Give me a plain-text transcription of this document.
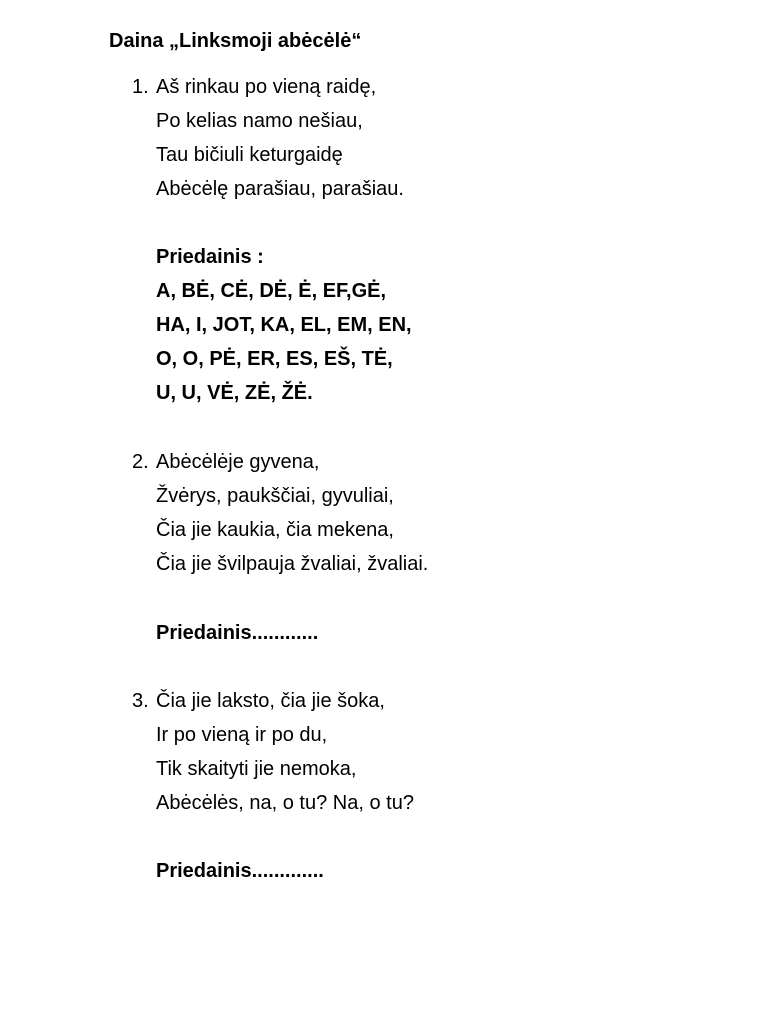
Daina „Linksmoji abėcėlė“
1. Aš rinkau po vieną raidę,
Po kelias namo nešiau,
Tau bičiuli keturgaidę
Abėcėlę parašiau, parašiau.
Priedainis :
A, BĖ, CĖ, DĖ, Ė, EF,GĖ,
HA, I, JOT, KA, EL, EM, EN,
O, O, PĖ, ER, ES, EŠ, TĖ,
U, U, VĖ, ZĖ, ŽĖ.
2. Abėcėlėje gyvena,
Žvėrys, paukščiai, gyvuliai,
Čia jie kaukia, čia mekena,
Čia jie švilpauja žvaliai, žvaliai.
Priedainis............
3. Čia jie laksto, čia jie šoka,
Ir po vieną ir po du,
Tik skaityti jie nemoka,
Abėcėlės, na, o tu? Na, o tu?
Priedainis.............
